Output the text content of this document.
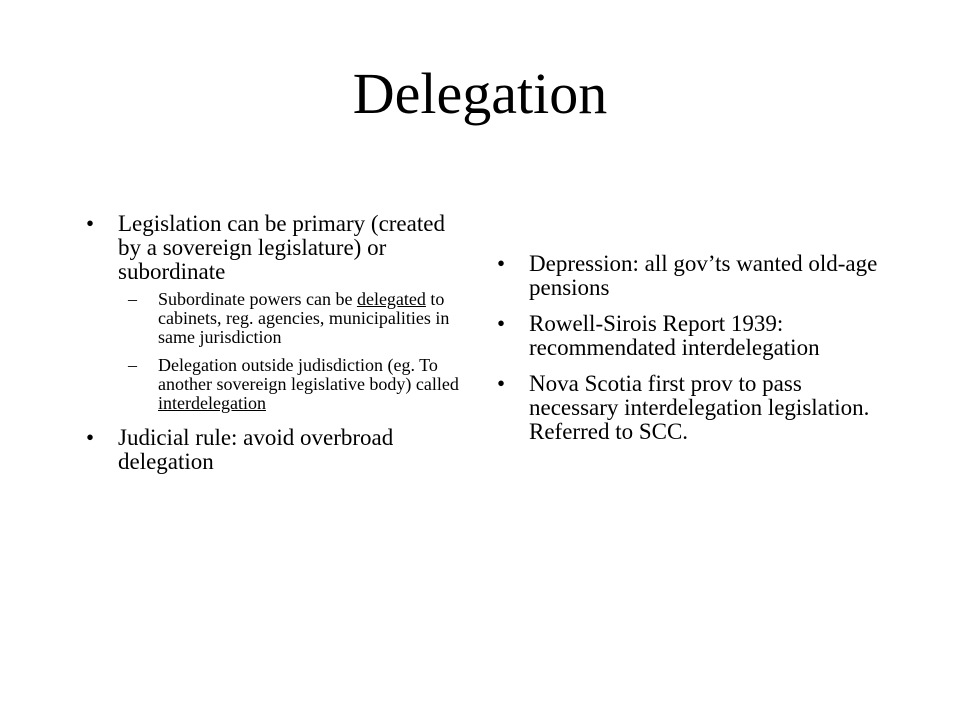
Delegation
• Legislation can be primary (created by a sovereign legislature) or subordinate
– Subordinate powers can be delegated to cabinets, reg. agencies, municipalities in same jurisdiction
– Delegation outside judisdiction (eg. To another sovereign legislative body) called interdelegation
• Judicial rule: avoid overbroad delegation
• Depression: all gov’ts wanted old-age pensions
• Rowell-Sirois Report 1939: recommendated interdelegation
• Nova Scotia first prov to pass necessary interdelegation legislation. Referred to SCC.
